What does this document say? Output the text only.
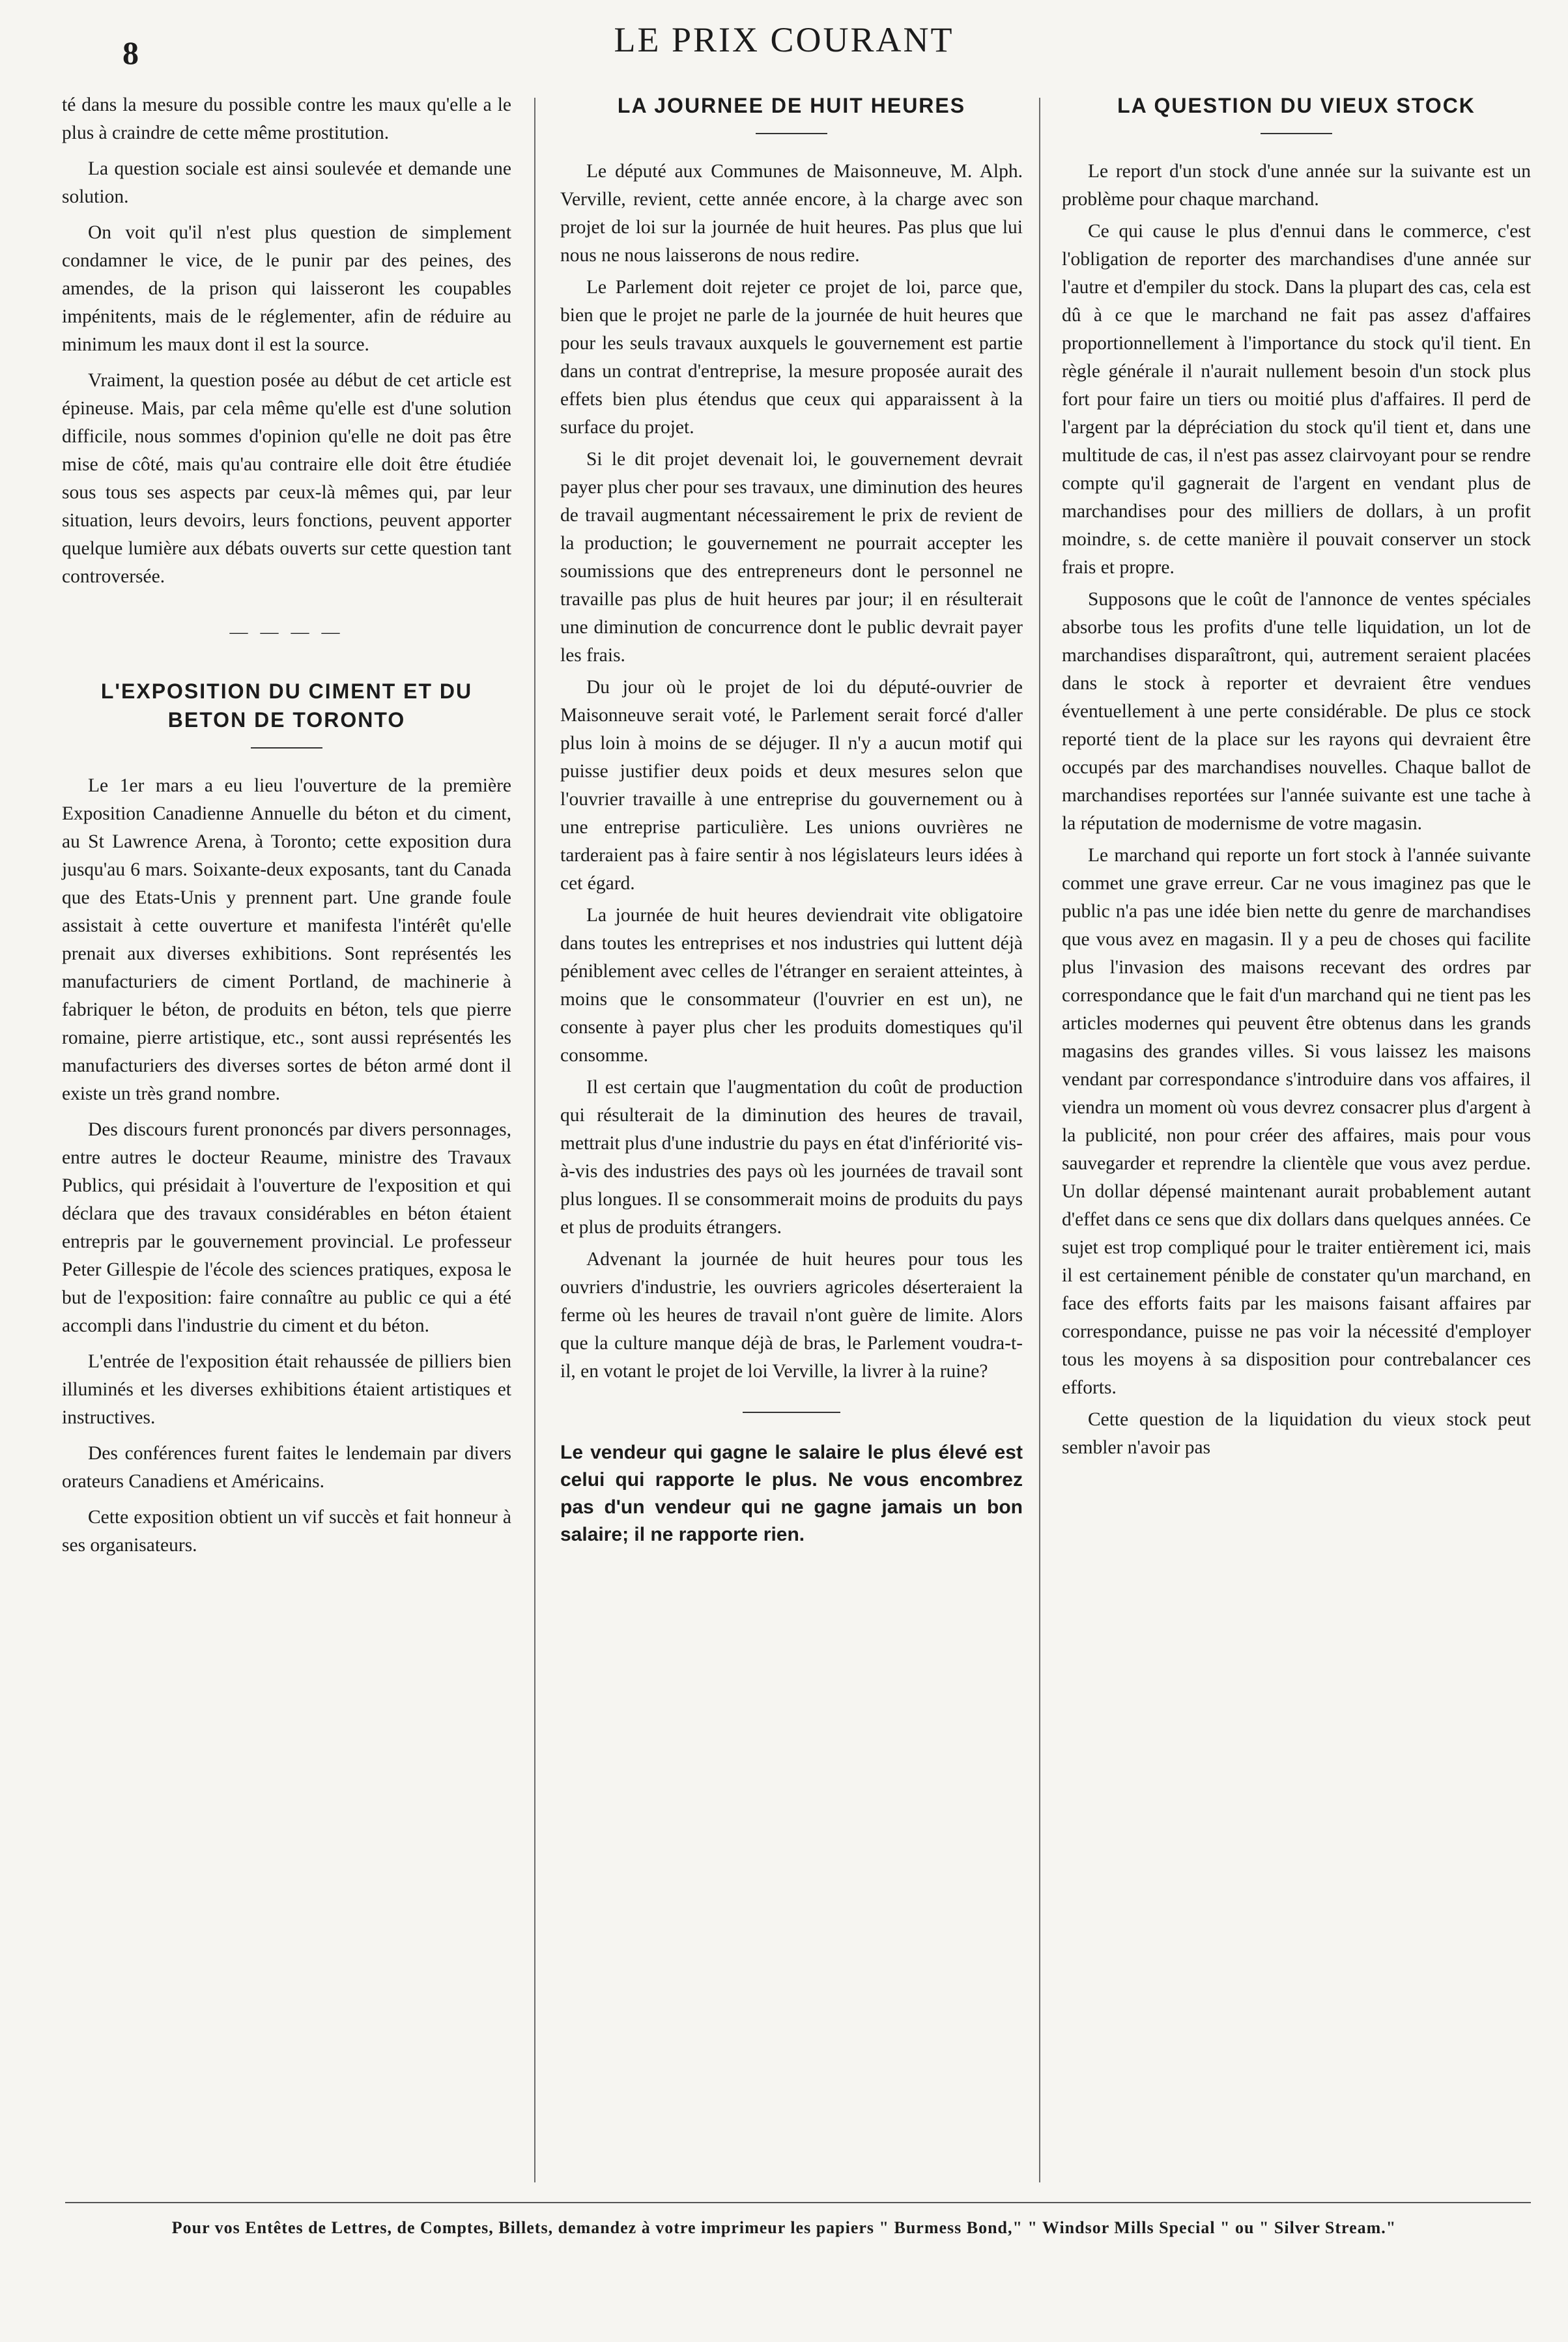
8	LE PRIX COURANT

té dans la mesure du possible contre les maux qu'elle a le plus à craindre de cette même prostitution.

La question sociale est ainsi soulevée et demande une solution.

On voit qu'il n'est plus question de simplement condamner le vice, de le punir par des peines, des amendes, de la prison qui laisseront les coupables impénitents, mais de le réglementer, afin de réduire au minimum les maux dont il est la source.

Vraiment, la question posée au début de cet article est épineuse. Mais, par cela même qu'elle est d'une solution difficile, nous sommes d'opinion qu'elle ne doit pas être mise de côté, mais qu'au contraire elle doit être étudiée sous tous ses aspects par ceux-là mêmes qui, par leur situation, leurs devoirs, leurs fonctions, peuvent apporter quelque lumière aux débats ouverts sur cette question tant controversée.

— — — —
L'EXPOSITION DU CIMENT ET DU BETON DE TORONTO

Le 1er mars a eu lieu l'ouverture de la première Exposition Canadienne Annuelle du béton et du ciment, au St Lawrence Arena, à Toronto; cette exposition dura jusqu'au 6 mars. Soixante-deux exposants, tant du Canada que des Etats-Unis y prennent part. Une grande foule assistait à cette ouverture et manifesta l'intérêt qu'elle prenait aux diverses exhibitions. Sont représentés les manufacturiers de ciment Portland, de machinerie à fabriquer le béton, de produits en béton, tels que pierre romaine, pierre artistique, etc., sont aussi représentés les manufacturiers des diverses sortes de béton armé dont il existe un très grand nombre.

Des discours furent prononcés par divers personnages, entre autres le docteur Reaume, ministre des Travaux Publics, qui présidait à l'ouverture de l'exposition et qui déclara que des travaux considérables en béton étaient entrepris par le gouvernement provincial. Le professeur Peter Gillespie de l'école des sciences pratiques, exposa le but de l'exposition: faire connaître au public ce qui a été accompli dans l'industrie du ciment et du béton.

L'entrée de l'exposition était rehaussée de pilliers bien illuminés et les diverses exhibitions étaient artistiques et instructives.

Des conférences furent faites le lendemain par divers orateurs Canadiens et Américains.

Cette exposition obtient un vif succès et fait honneur à ses organisateurs.

LA JOURNEE DE HUIT HEURES

Le député aux Communes de Maisonneuve, M. Alph. Verville, revient, cette année encore, à la charge avec son projet de loi sur la journée de huit heures. Pas plus que lui nous ne nous laisserons de nous redire.

Le Parlement doit rejeter ce projet de loi, parce que, bien que le projet ne parle de la journée de huit heures que pour les seuls travaux auxquels le gouvernement est partie dans un contrat d'entreprise, la mesure proposée aurait des effets bien plus étendus que ceux qui apparaissent à la surface du projet.

Si le dit projet devenait loi, le gouvernement devrait payer plus cher pour ses travaux, une diminution des heures de travail augmentant nécessairement le prix de revient de la production; le gouvernement ne pourrait accepter les soumissions que des entrepreneurs dont le personnel ne travaille pas plus de huit heures par jour; il en résulterait une diminution de concurrence dont le public devrait payer les frais.

Du jour où le projet de loi du député-ouvrier de Maisonneuve serait voté, le Parlement serait forcé d'aller plus loin à moins de se déjuger. Il n'y a aucun motif qui puisse justifier deux poids et deux mesures selon que l'ouvrier travaille à une entreprise du gouvernement ou à une entreprise particulière. Les unions ouvrières ne tarderaient pas à faire sentir à nos législateurs leurs idées à cet égard.

La journée de huit heures deviendrait vite obligatoire dans toutes les entreprises et nos industries qui luttent déjà péniblement avec celles de l'étranger en seraient atteintes, à moins que le consommateur (l'ouvrier en est un), ne consente à payer plus cher les produits domestiques qu'il consomme.

Il est certain que l'augmentation du coût de production qui résulterait de la diminution des heures de travail, mettrait plus d'une industrie du pays en état d'infériorité vis-à-vis des industries des pays où les journées de travail sont plus longues. Il se consommerait moins de produits du pays et plus de produits étrangers.

Advenant la journée de huit heures pour tous les ouvriers d'industrie, les ouvriers agricoles déserteraient la ferme où les heures de travail n'ont guère de limite. Alors que la culture manque déjà de bras, le Parlement voudra-t-il, en votant le projet de loi Verville, la livrer à la ruine?

Le vendeur qui gagne le salaire le plus élevé est celui qui rapporte le plus. Ne vous encombrez pas d'un vendeur qui ne gagne jamais un bon salaire; il ne rapporte rien.

LA QUESTION DU VIEUX STOCK

Le report d'un stock d'une année sur la suivante est un problème pour chaque marchand.

Ce qui cause le plus d'ennui dans le commerce, c'est l'obligation de reporter des marchandises d'une année sur l'autre et d'empiler du stock. Dans la plupart des cas, cela est dû à ce que le marchand ne fait pas assez d'affaires proportionnellement à l'importance du stock qu'il tient. En règle générale il n'aurait nullement besoin d'un stock plus fort pour faire un tiers ou moitié plus d'affaires. Il perd de l'argent par la dépréciation du stock qu'il tient et, dans une multitude de cas, il n'est pas assez clairvoyant pour se rendre compte qu'il gagnerait de l'argent en vendant plus de marchandises pour des milliers de dollars, à un profit moindre, s. de cette manière il pouvait conserver un stock frais et propre.

Supposons que le coût de l'annonce de ventes spéciales absorbe tous les profits d'une telle liquidation, un lot de marchandises disparaîtront, qui, autrement seraient placées dans le stock à reporter et devraient être vendues éventuellement à une perte considérable. De plus ce stock reporté tient de la place sur les rayons qui devraient être occupés par des marchandises nouvelles. Chaque ballot de marchandises reportées sur l'année suivante est une tache à la réputation de modernisme de votre magasin.

Le marchand qui reporte un fort stock à l'année suivante commet une grave erreur. Car ne vous imaginez pas que le public n'a pas une idée bien nette du genre de marchandises que vous avez en magasin. Il y a peu de choses qui facilite plus l'invasion des maisons recevant des ordres par correspondance que le fait d'un marchand qui ne tient pas les articles modernes qui peuvent être obtenus dans les grands magasins des grandes villes. Si vous laissez les maisons vendant par correspondance s'introduire dans vos affaires, il viendra un moment où vous devrez consacrer plus d'argent à la publicité, non pour créer des affaires, mais pour vous sauvegarder et reprendre la clientèle que vous avez perdue. Un dollar dépensé maintenant aurait probablement autant d'effet dans ce sens que dix dollars dans quelques années. Ce sujet est trop compliqué pour le traiter entièrement ici, mais il est certainement pénible de constater qu'un marchand, en face des efforts faits par les maisons faisant affaires par correspondance, puisse ne pas voir la nécessité d'employer tous les moyens à sa disposition pour contrebalancer ces efforts.

Cette question de la liquidation du vieux stock peut sembler n'avoir pas

Pour vos Entêtes de Lettres, de Comptes, Billets, demandez à votre imprimeur les papiers " Burmess Bond," " Windsor Mills Special " ou " Silver Stream."
